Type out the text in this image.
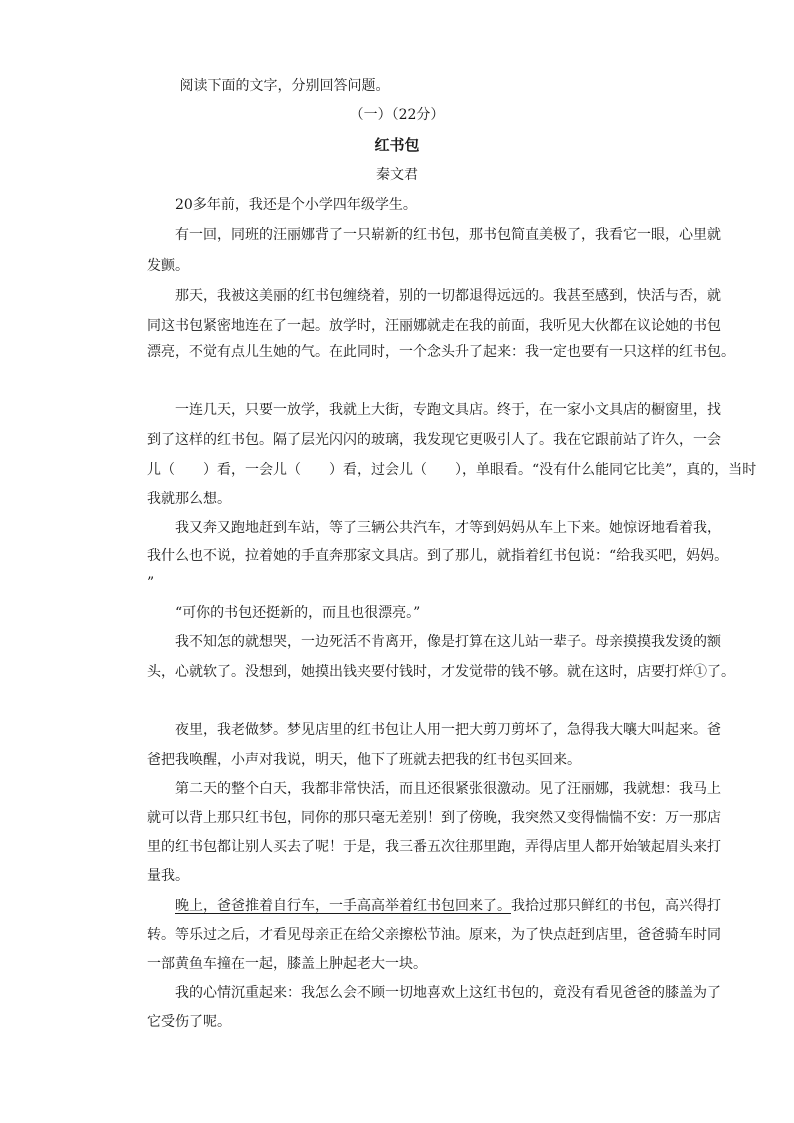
阅读下面的文字，分别回答问题。
（一）（22分）
红书包
秦文君
20多年前，我还是个小学四年级学生。
有一回，同班的汪丽娜背了一只崭新的红书包，那书包简直美极了，我看它一眼，心里就
发颤。
那天，我被这美丽的红书包缠绕着，别的一切都退得远远的。我甚至感到，快活与否，就
同这书包紧密地连在了一起。放学时，汪丽娜就走在我的前面，我听见大伙都在议论她的书包
漂亮，不觉有点儿生她的气。在此同时，一个念头升了起来：我一定也要有一只这样的红书包。
一连几天，只要一放学，我就上大街，专跑文具店。终于，在一家小文具店的橱窗里，找
到了这样的红书包。隔了层光闪闪的玻璃，我发现它更吸引人了。我在它跟前站了许久，一会
儿（　　）看，一会儿（　　）看，过会儿（　　），单眼看。“没有什么能同它比美”，真的，当时
我就那么想。
我又奔又跑地赶到车站，等了三辆公共汽车，才等到妈妈从车上下来。她惊讶地看着我，
我什么也不说，拉着她的手直奔那家文具店。到了那儿，就指着红书包说：“给我买吧，妈妈。
”
“可你的书包还挺新的，而且也很漂亮。”
我不知怎的就想哭，一边死活不肯离开，像是打算在这儿站一辈子。母亲摸摸我发烫的额
头，心就软了。没想到，她摸出钱夹要付钱时，才发觉带的钱不够。就在这时，店要打烊①了。
夜里，我老做梦。梦见店里的红书包让人用一把大剪刀剪坏了，急得我大嚷大叫起来。爸
爸把我唤醒，小声对我说，明天，他下了班就去把我的红书包买回来。
第二天的整个白天，我都非常快活，而且还很紧张很激动。见了汪丽娜，我就想：我马上
就可以背上那只红书包，同你的那只毫无差别！到了傍晚，我突然又变得惴惴不安：万一那店
里的红书包都让别人买去了呢！于是，我三番五次往那里跑，弄得店里人都开始皱起眉头来打
量我。
晚上，爸爸推着自行车，一手高高举着红书包回来了。我拾过那只鲜红的书包，高兴得打
转。等乐过之后，才看见母亲正在给父亲擦松节油。原来，为了快点赶到店里，爸爸骑车时同
一部黄鱼车撞在一起，膝盖上肿起老大一块。
我的心情沉重起来：我怎么会不顾一切地喜欢上这红书包的，竟没有看见爸爸的膝盖为了
它受伤了呢。
